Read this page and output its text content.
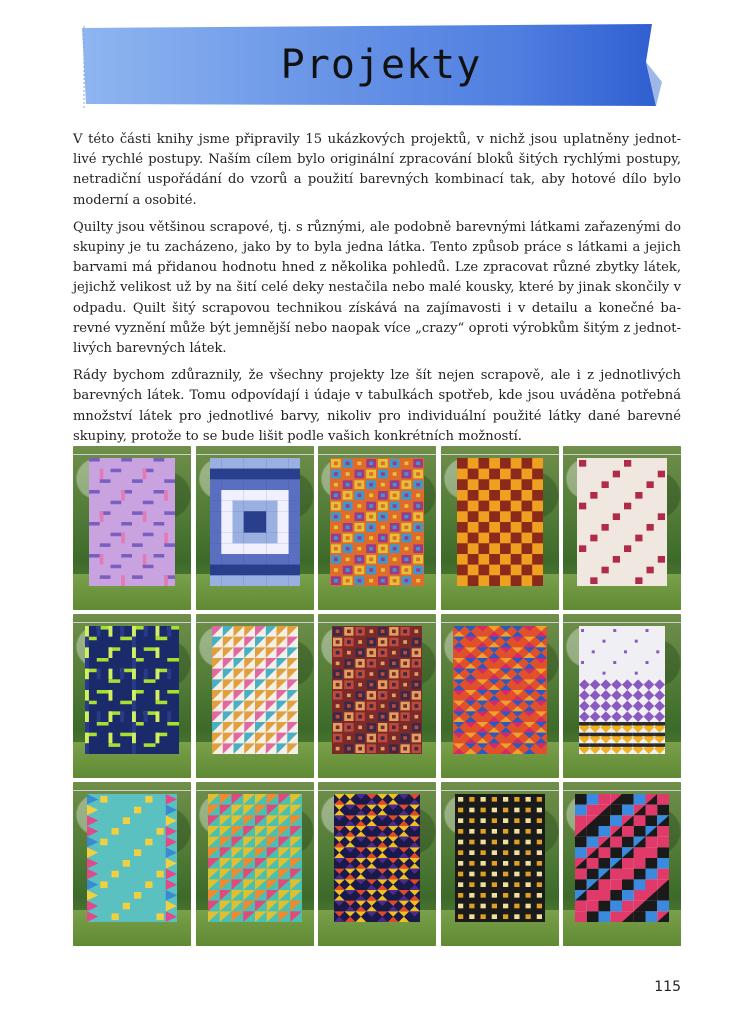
Projekty

V této části knihy jsme připravily 15 ukázkových projektů, v nichž jsou uplatněny jednotlivé rychlé postupy. Naším cílem bylo originální zpracování bloků šitých rychlými postupy, netradiční uspořádání do vzorů a použití barevných kombinací tak, aby hotové dílo bylo moderní a osobité.

Quilty jsou většinou scrapové, tj. s různými, ale podobně barevnými látkami zařazenými do skupiny je tu zacházeno, jako by to byla jedna látka. Tento způsob práce s látkami a jejich barvami má přidanou hodnotu hned z několika pohledů. Lze zpracovat různé zbytky látek, jejichž velikost už by na šití celé deky nestačila nebo malé kousky, které by jinak skončily v odpadu. Quilt šitý scrapovou technikou získává na zajímavosti i v detailu a konečné barevné vyznění může být jemnější nebo naopak více „crazy“ oproti výrobkům šitým z jednotlivých barevných látek.

Rády bychom zdůraznily, že všechny projekty lze šít nejen scrapově, ale i z jednotlivých barevných látek. Tomu odpovídají i údaje v tabulkách spotřeb, kde jsou uváděna potřebná množství látek pro jednotlivé barvy, nikoliv pro individuální použité látky dané barevné skupiny, protože to se bude lišit podle vašich konkrétních možností.

115
